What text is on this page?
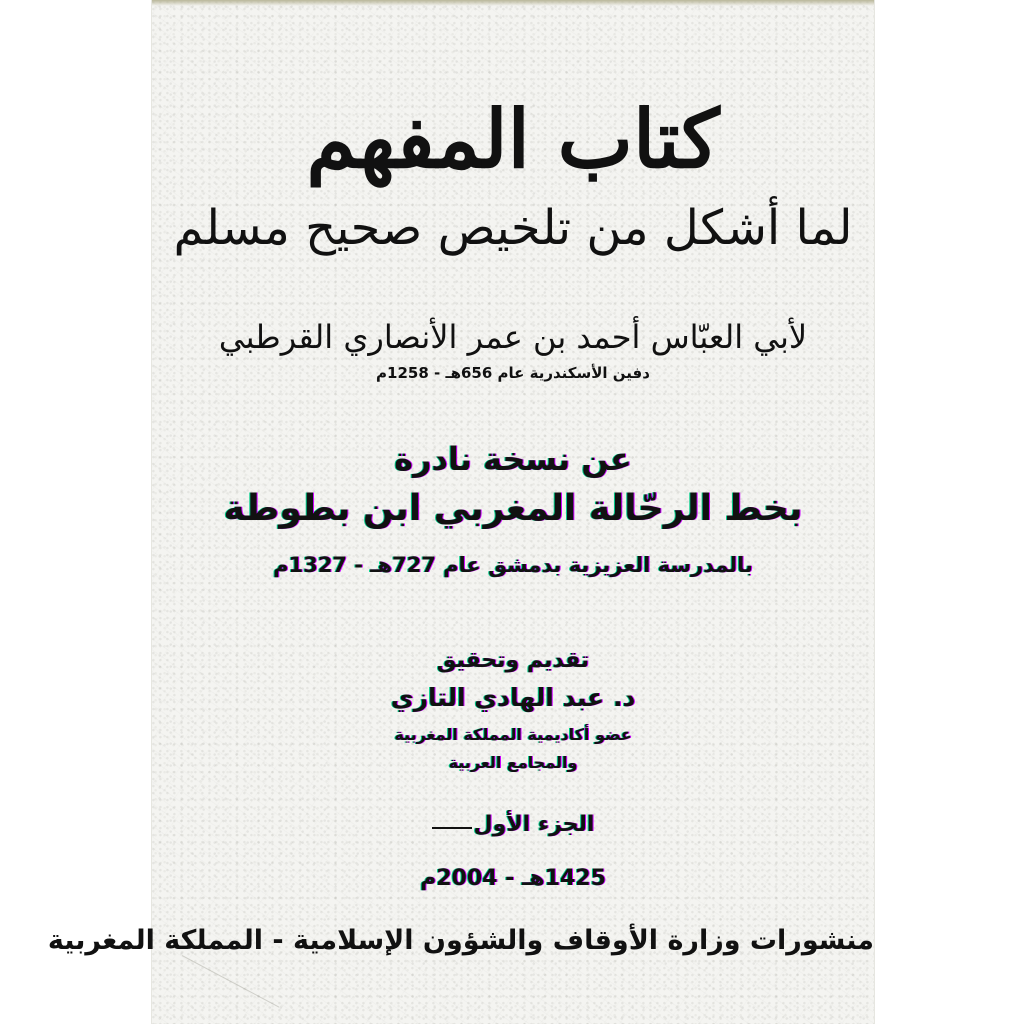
كتاب المفهم
لما أشكل من تلخيص صحيح مسلم
لأبي العبّاس أحمد بن عمر الأنصاري القرطبي
دفين الأسكندرية عام 656هـ - 1258م
عن نسخة نادرة
بخط الرحّالة المغربي ابن بطوطة
بالمدرسة العزيزية بدمشق عام 727هـ - 1327م
تقديم وتحقيق
د. عبد الهادي التازي
عضو أكاديمية المملكة المغربية
والمجامع العربية
الجزء الأول
1425هـ - 2004م
منشورات وزارة الأوقاف والشؤون الإسلامية - المملكة المغربية
